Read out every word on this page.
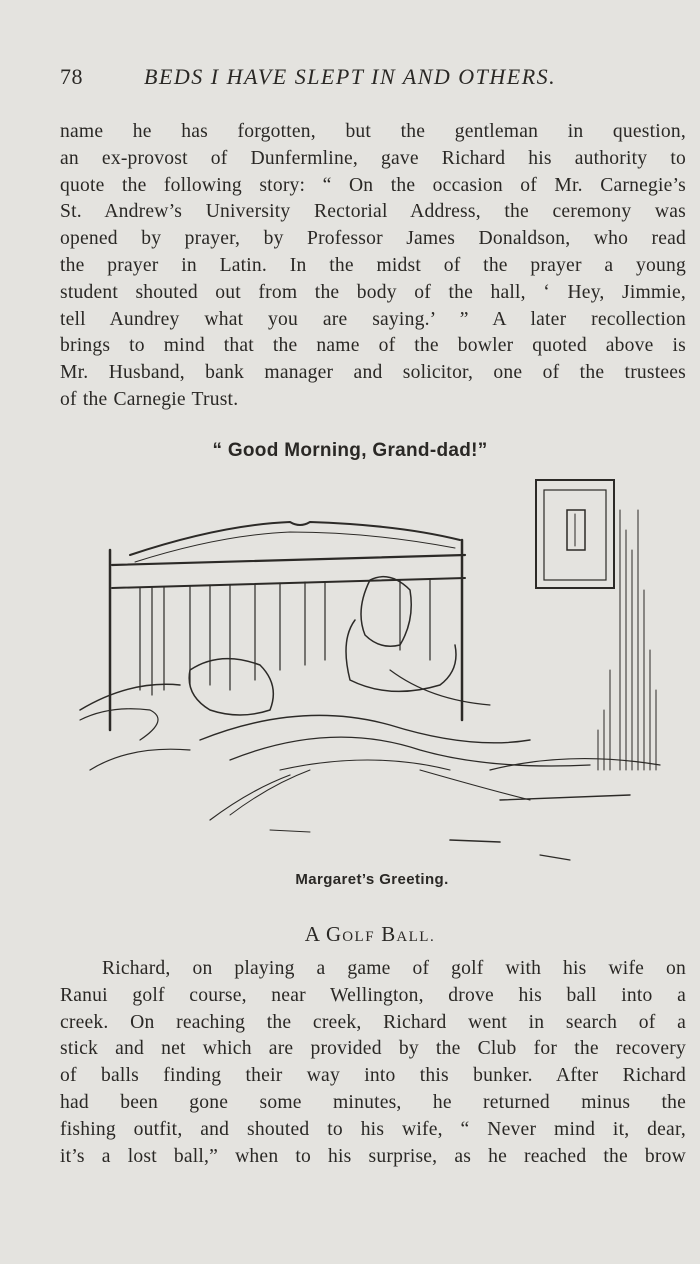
78	BEDS I HAVE SLEPT IN AND OTHERS.
name he has forgotten, but the gentleman in question,
an ex-provost of Dunfermline, gave Richard his authority to
quote the following story: “ On the occasion of Mr. Carnegie’s
St. Andrew’s University Rectorial Address, the ceremony was
opened by prayer, by Professor James Donaldson, who read
the prayer in Latin. In the midst of the prayer a young
student shouted out from the body of the hall, ‘ Hey, Jimmie,
tell Aundrey what you are saying.’ ” A later recollection
brings to mind that the name of the bowler quoted above is
Mr. Husband, bank manager and solicitor, one of the trustees
of the Carnegie Trust.
“ Good Morning, Grand-dad!”
Margaret’s Greeting.
A GOLF BALL.
Richard, on playing a game of golf with his wife on
Ranui golf course, near Wellington, drove his ball into a
creek. On reaching the creek, Richard went in search of a
stick and net which are provided by the Club for the recovery
of balls finding their way into this bunker. After Richard
had been gone some minutes, he returned minus the
fishing outfit, and shouted to his wife, “ Never mind it, dear,
it’s a lost ball,” when to his surprise, as he reached the brow
